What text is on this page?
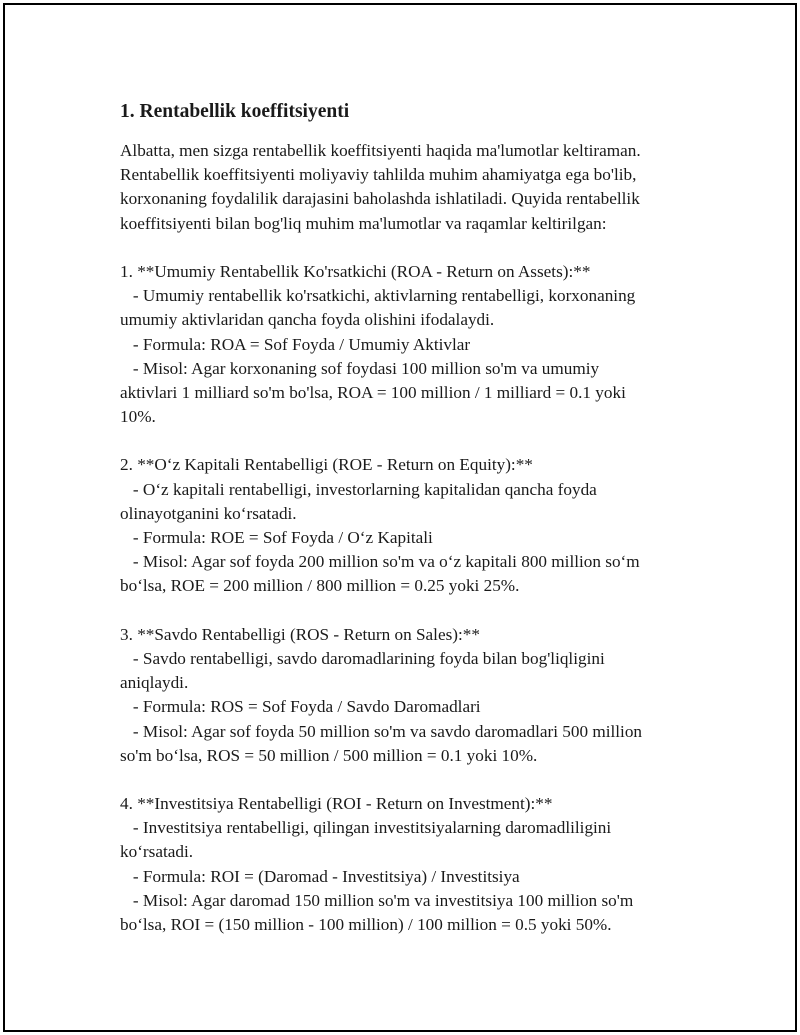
1. Rentabellik koeffitsiyenti
Albatta, men sizga rentabellik koeffitsiyenti haqida ma'lumotlar keltiraman.
Rentabellik koeffitsiyenti moliyaviy tahlilda muhim ahamiyatga ega bo'lib,
korxonaning foydalilik darajasini baholashda ishlatiladi. Quyida rentabellik
koeffitsiyenti bilan bog'liq muhim ma'lumotlar va raqamlar keltirilgan:
1. **Umumiy Rentabellik Ko'rsatkichi (ROA - Return on Assets):**
- Umumiy rentabellik ko'rsatkichi, aktivlarning rentabelligi, korxonaning
umumiy aktivlaridan qancha foyda olishini ifodalaydi.
- Formula: ROA = Sof Foyda / Umumiy Aktivlar
- Misol: Agar korxonaning sof foydasi 100 million so'm va umumiy
aktivlari 1 milliard so'm bo'lsa, ROA = 100 million / 1 milliard = 0.1 yoki
10%.
2. **O‘z Kapitali Rentabelligi (ROE - Return on Equity):**
- O‘z kapitali rentabelligi, investorlarning kapitalidan qancha foyda
olinayotganini ko‘rsatadi.
- Formula: ROE = Sof Foyda / O‘z Kapitali
- Misol: Agar sof foyda 200 million so'm va o‘z kapitali 800 million so‘m
bo‘lsa, ROE = 200 million / 800 million = 0.25 yoki 25%.
3. **Savdo Rentabelligi (ROS - Return on Sales):**
- Savdo rentabelligi, savdo daromadlarining foyda bilan bog'liqligini
aniqlaydi.
- Formula: ROS = Sof Foyda / Savdo Daromadlari
- Misol: Agar sof foyda 50 million so'm va savdo daromadlari 500 million
so'm bo‘lsa, ROS = 50 million / 500 million = 0.1 yoki 10%.
4. **Investitsiya Rentabelligi (ROI - Return on Investment):**
- Investitsiya rentabelligi, qilingan investitsiyalarning daromadliligini
ko‘rsatadi.
- Formula: ROI = (Daromad - Investitsiya) / Investitsiya
- Misol: Agar daromad 150 million so'm va investitsiya 100 million so'm
bo‘lsa, ROI = (150 million - 100 million) / 100 million = 0.5 yoki 50%.
